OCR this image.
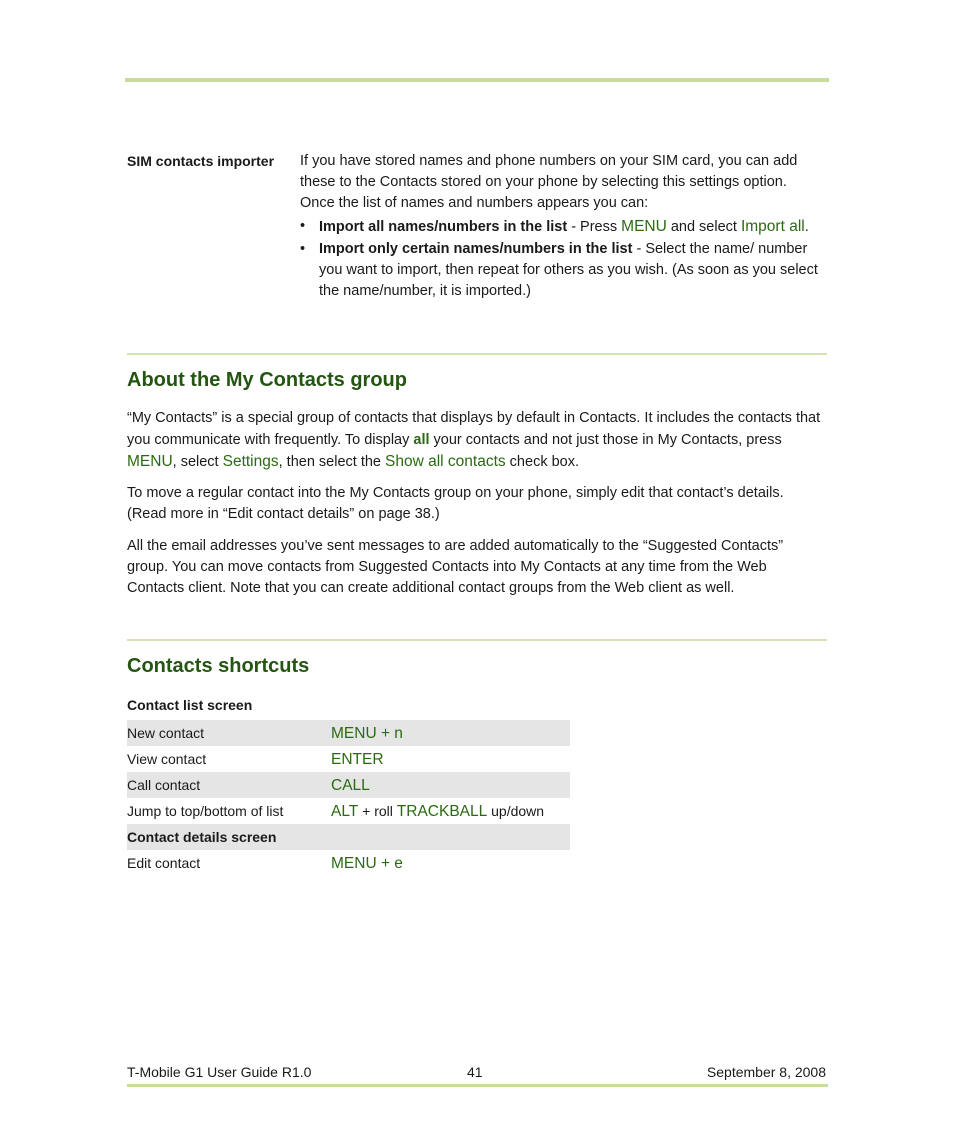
SIM contacts importer	If you have stored names and phone numbers on your SIM card, you can add these to the Contacts stored on your phone by selecting this settings option. Once the list of names and numbers appears you can:

• Import all names/numbers in the list - Press MENU and select Import all.
• Import only certain names/numbers in the list - Select the name/ number you want to import, then repeat for others as you wish. (As soon as you select the name/number, it is imported.)
About the My Contacts group

“My Contacts” is a special group of contacts that displays by default in Contacts. It includes the contacts that you communicate with frequently. To display all your contacts and not just those in My Contacts, press MENU, select Settings, then select the Show all contacts check box.

To move a regular contact into the My Contacts group on your phone, simply edit that contact’s details. (Read more in “Edit contact details” on page 38.)

All the email addresses you’ve sent messages to are added automatically to the “Suggested Contacts” group. You can move contacts from Suggested Contacts into My Contacts at any time from the Web Contacts client. Note that you can create additional contact groups from the Web client as well.

Contacts shortcuts
Contact list screen
New contact	MENU + n
View contact	ENTER
Call contact	CALL
Jump to top/bottom of list	ALT + roll TRACKBALL up/down
Contact details screen
Edit contact	MENU + e
T-Mobile G1 User Guide R1.0	41	September 8, 2008
